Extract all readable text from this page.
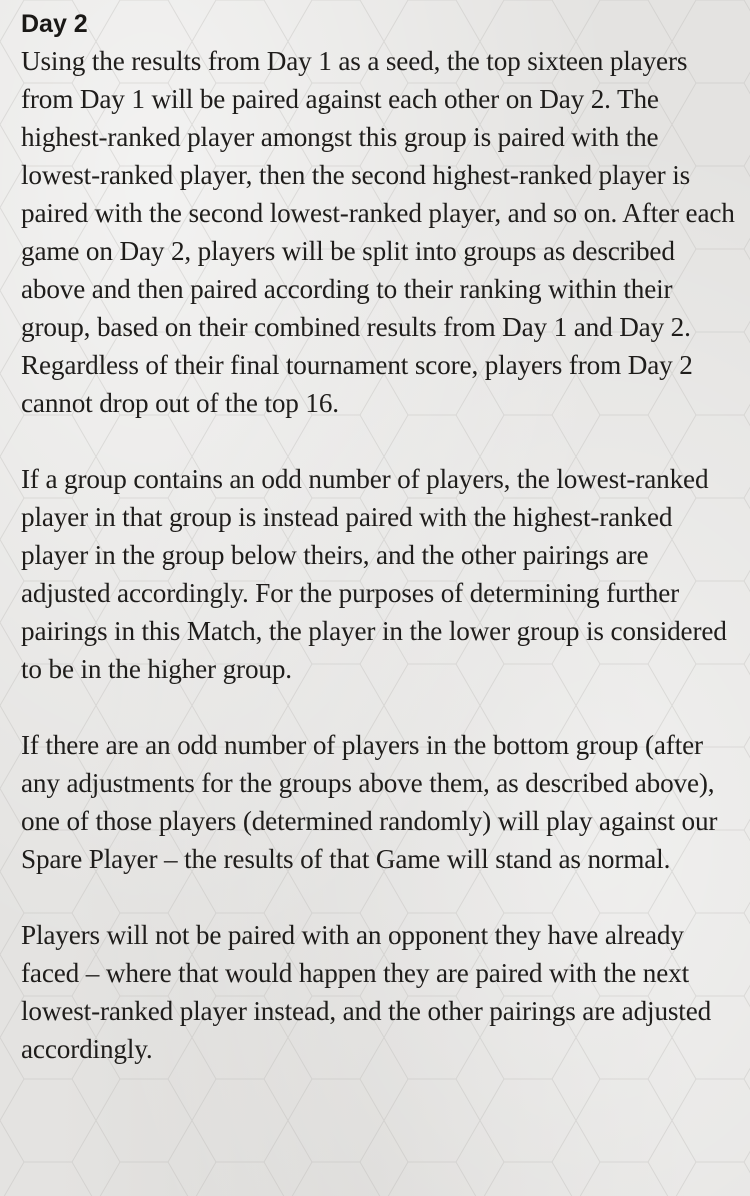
Day 2

Using the results from Day 1 as a seed, the top sixteen players from Day 1 will be paired against each other on Day 2. The highest-ranked player amongst this group is paired with the lowest-ranked player, then the second highest-ranked player is paired with the second lowest-ranked player, and so on. After each game on Day 2, players will be split into groups as described above and then paired according to their ranking within their group, based on their combined results from Day 1 and Day 2. Regardless of their final tournament score, players from Day 2 cannot drop out of the top 16.

If a group contains an odd number of players, the lowest-ranked player in that group is instead paired with the highest-ranked player in the group below theirs, and the other pairings are adjusted accordingly. For the purposes of determining further pairings in this Match, the player in the lower group is considered to be in the higher group.

If there are an odd number of players in the bottom group (after any adjustments for the groups above them, as described above), one of those players (determined randomly) will play against our Spare Player – the results of that Game will stand as normal.

Players will not be paired with an opponent they have already faced – where that would happen they are paired with the next lowest-ranked player instead, and the other pairings are adjusted accordingly.
